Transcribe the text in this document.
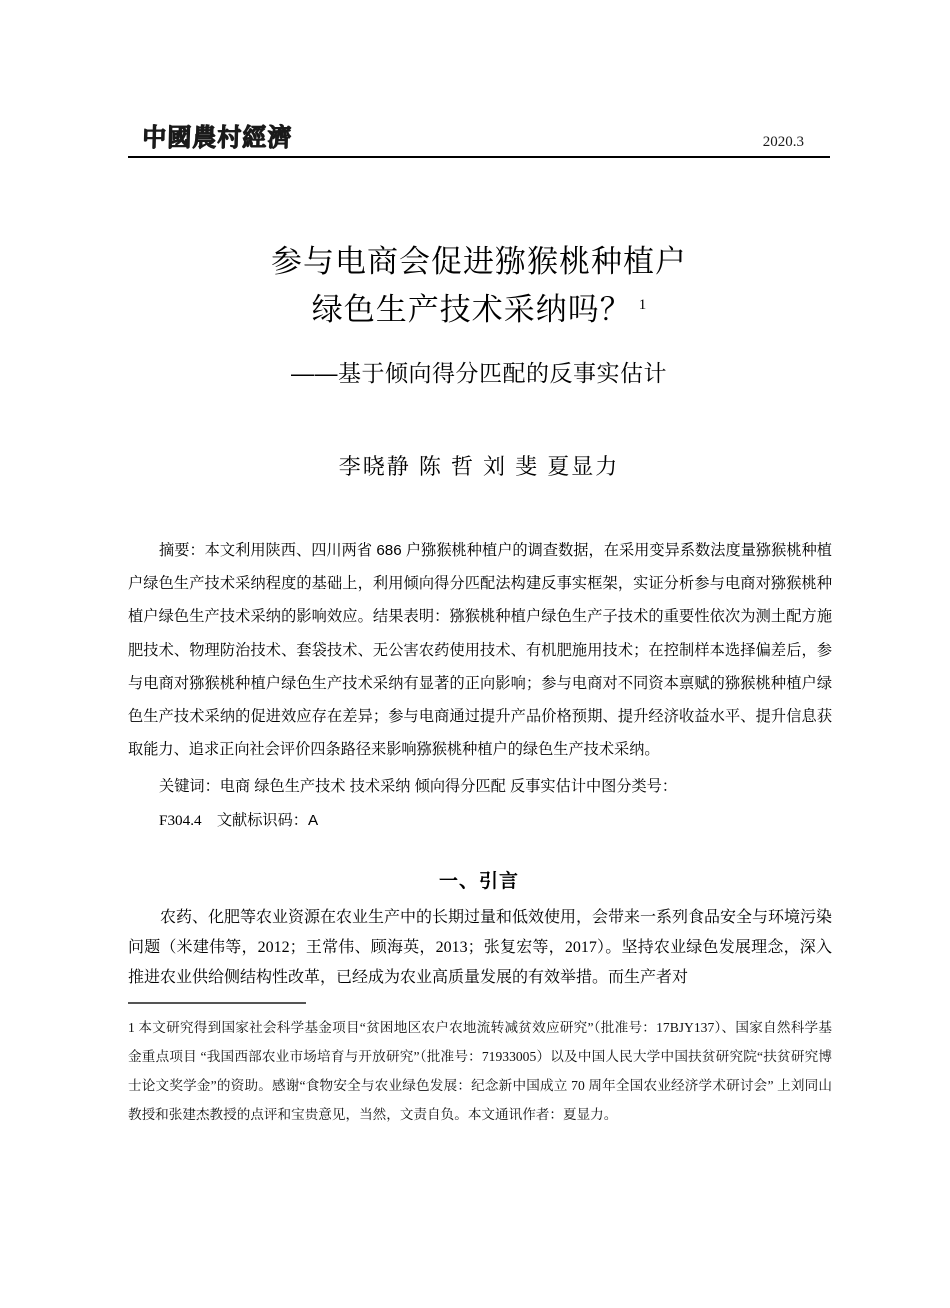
中國農村經濟	2020.3
参与电商会促进猕猴桃种植户
绿色生产技术采纳吗？ $^1$
——基于倾向得分匹配的反事实估计
李晓静 陈 哲 刘 斐 夏显力

摘要：本文利用陕西、四川两省 686 户猕猴桃种植户的调查数据，在采用变异系数法度量猕猴桃种植户绿色生产技术采纳程度的基础上，利用倾向得分匹配法构建反事实框架，实证分析参与电商对猕猴桃种植户绿色生产技术采纳的影响效应。结果表明：猕猴桃种植户绿色生产子技术的重要性依次为测土配方施肥技术、物理防治技术、套袋技术、无公害农药使用技术、有机肥施用技术；在控制样本选择偏差后，参与电商对猕猴桃种植户绿色生产技术采纳有显著的正向影响；参与电商对不同资本禀赋的猕猴桃种植户绿色生产技术采纳的促进效应存在差异；参与电商通过提升产品价格预期、提升经济收益水平、提升信息获取能力、追求正向社会评价四条路径来影响猕猴桃种植户的绿色生产技术采纳。

关键词：电商 绿色生产技术 技术采纳 倾向得分匹配 反事实估计中图分类号：

F304.4　文献标识码：A

一、引言

农药、化肥等农业资源在农业生产中的长期过量和低效使用，会带来一系列食品安全与环境污染问题（米建伟等，2012；王常伟、顾海英，2013；张复宏等，2017）。坚持农业绿色发展理念，深入推进农业供给侧结构性改革，已经成为农业高质量发展的有效举措。而生产者对

1 本文研究得到国家社会科学基金项目“贫困地区农户农地流转减贫效应研究”（批准号：17BJY137）、国家自然科学基金重点项目 “我国西部农业市场培育与开放研究”（批准号：71933005）以及中国人民大学中国扶贫研究院“扶贫研究博士论文奖学金”的资助。感谢“食物安全与农业绿色发展：纪念新中国成立 70 周年全国农业经济学术研讨会” 上刘同山教授和张建杰教授的点评和宝贵意见，当然，文责自负。本文通讯作者：夏显力。
